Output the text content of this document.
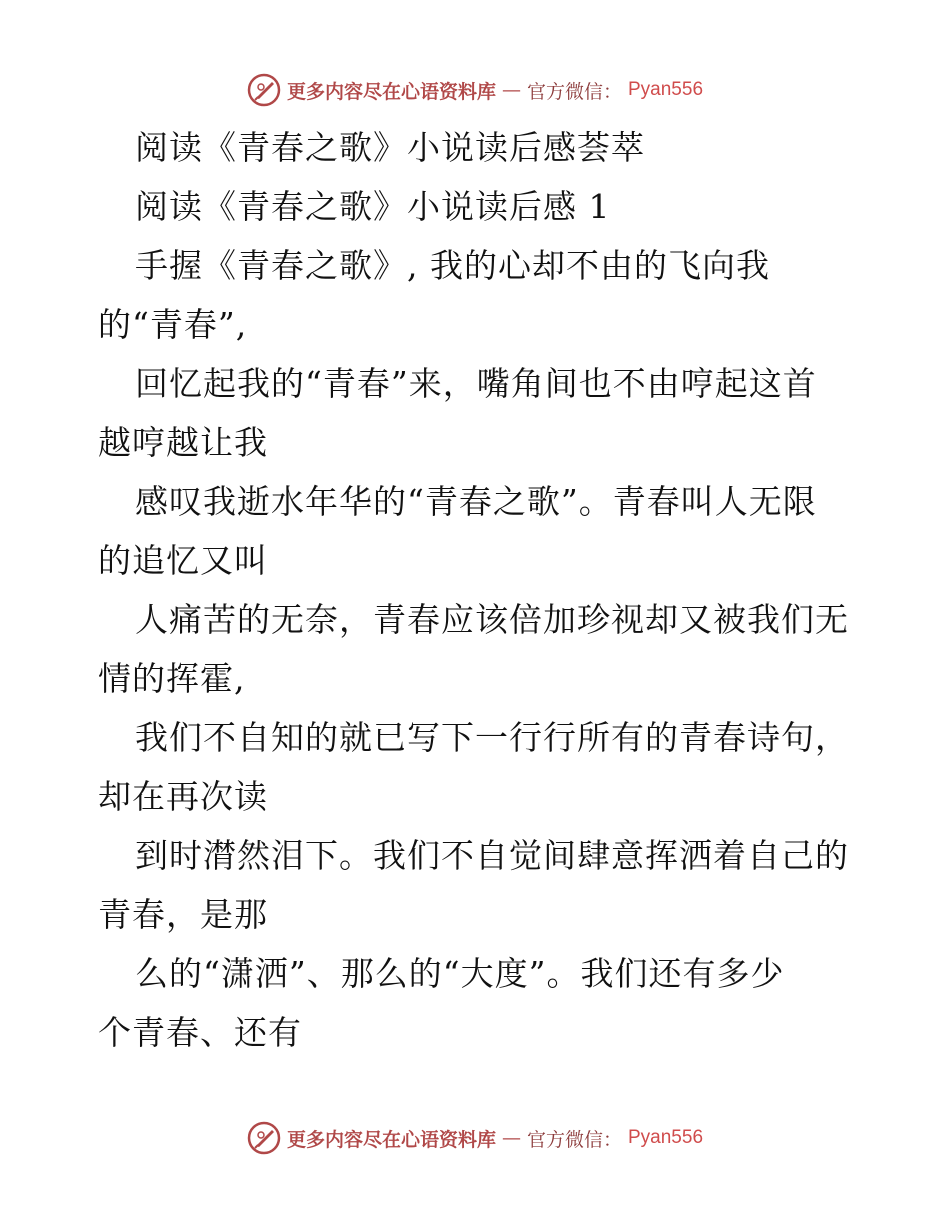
更多内容尽在心语资料库 — 官方微信： Pyan556
阅读《青春之歌》小说读后感荟萃
阅读《青春之歌》小说读后感 1
手握《青春之歌》, 我的心却不由的飞向我
的“青春”,
回忆起我的“青春”来，嘴角间也不由哼起这首
越哼越让我
感叹我逝水年华的“青春之歌”。青春叫人无限
的追忆又叫
人痛苦的无奈，青春应该倍加珍视却又被我们无
情的挥霍,
我们不自知的就已写下一行行所有的青春诗句，
却在再次读
到时潸然泪下。我们不自觉间肆意挥洒着自己的
青春，是那
么的“潇洒”、那么的“大度”。我们还有多少
个青春、还有
更多内容尽在心语资料库 — 官方微信： Pyan556
